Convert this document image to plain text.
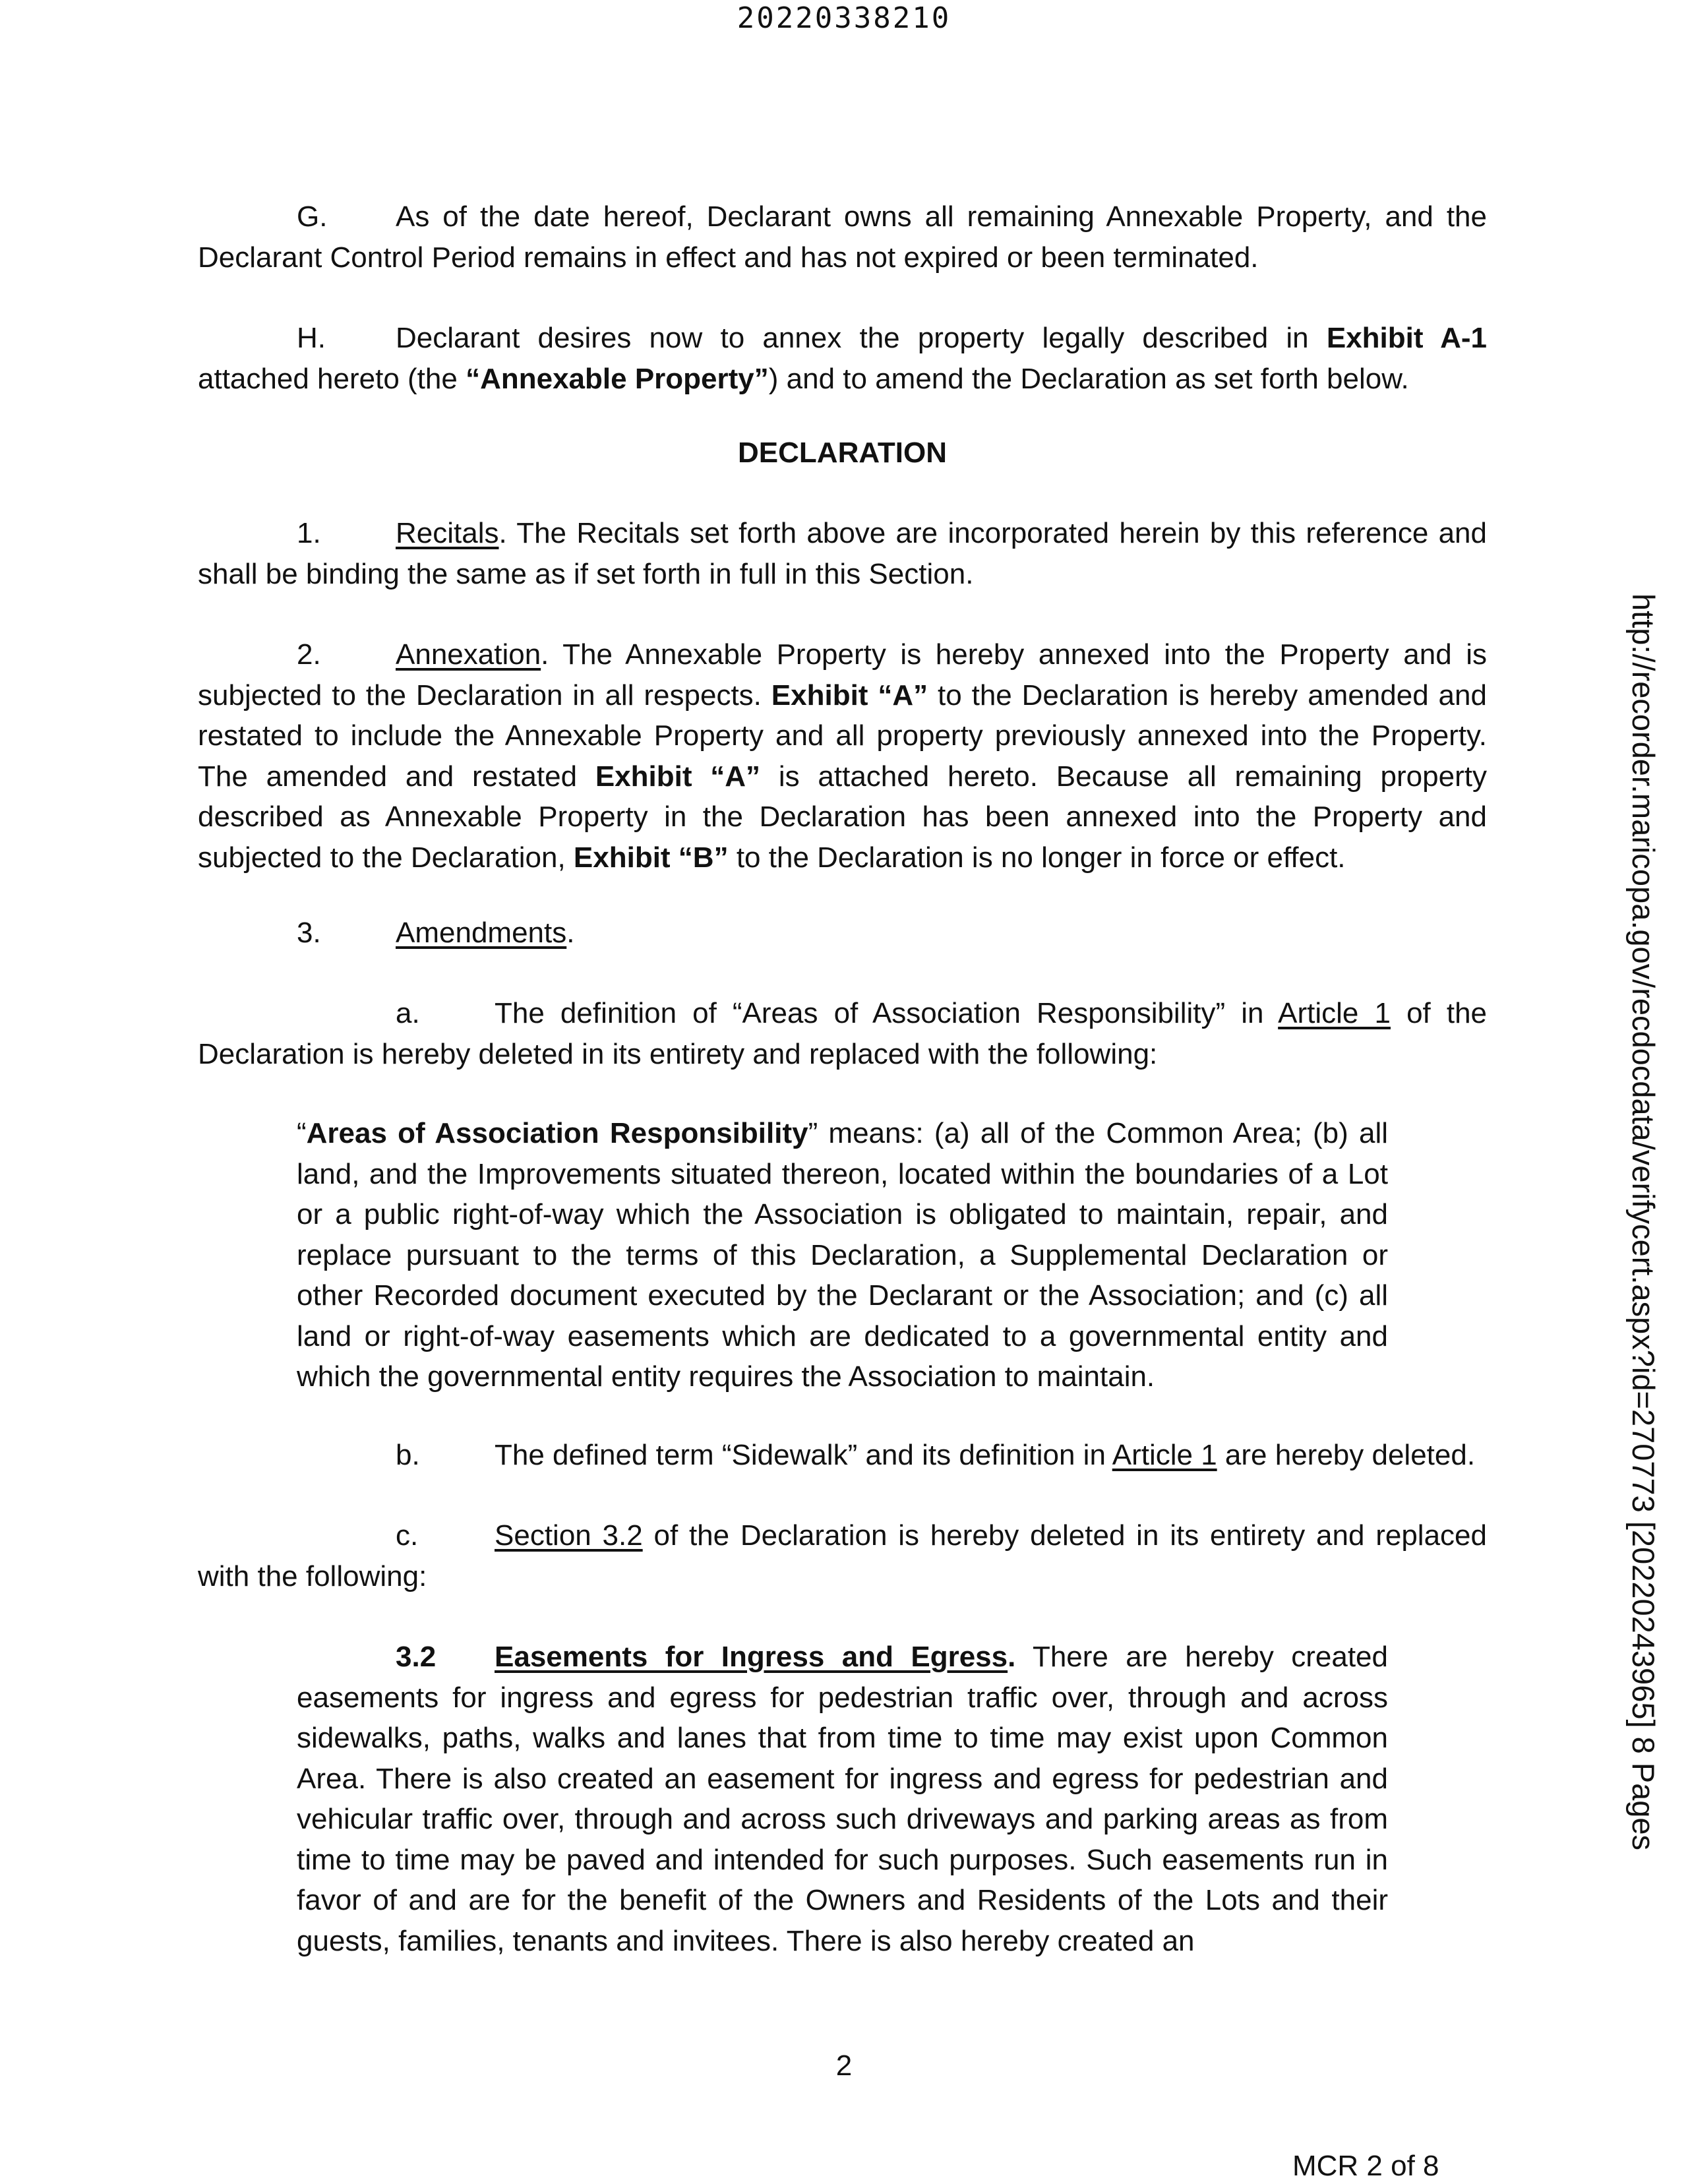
20220338210

G. As of the date hereof, Declarant owns all remaining Annexable Property, and the Declarant Control Period remains in effect and has not expired or been terminated.

H. Declarant desires now to annex the property legally described in Exhibit A-1 attached hereto (the “Annexable Property”) and to amend the Declaration as set forth below.

DECLARATION

1.	Recitals. The Recitals set forth above are incorporated herein by this reference and shall be binding the same as if set forth in full in this Section.

2.	Annexation. The Annexable Property is hereby annexed into the Property and is subjected to the Declaration in all respects. Exhibit “A” to the Declaration is hereby amended and restated to include the Annexable Property and all property previously annexed into the Property. The amended and restated Exhibit “A” is attached hereto. Because all remaining property described as Annexable Property in the Declaration has been annexed into the Property and subjected to the Declaration, Exhibit “B” to the Declaration is no longer in force or effect.

3.	Amendments.

a.	The definition of “Areas of Association Responsibility” in Article 1 of the Declaration is hereby deleted in its entirety and replaced with the following:

“Areas of Association Responsibility” means: (a) all of the Common Area; (b) all land, and the Improvements situated thereon, located within the boundaries of a Lot or a public right-of-way which the Association is obligated to maintain, repair, and replace pursuant to the terms of this Declaration, a Supplemental Declaration or other Recorded document executed by the Declarant or the Association; and (c) all land or right-of-way easements which are dedicated to a governmental entity and which the governmental entity requires the Association to maintain.

b.	The defined term “Sidewalk” and its definition in Article 1 are hereby deleted.

c.	Section 3.2 of the Declaration is hereby deleted in its entirety and replaced with the following:

3.2 Easements for Ingress and Egress. There are hereby created easements for ingress and egress for pedestrian traffic over, through and across sidewalks, paths, walks and lanes that from time to time may exist upon Common Area. There is also created an easement for ingress and egress for pedestrian and vehicular traffic over, through and across such driveways and parking areas as from time to time may be paved and intended for such purposes. Such easements run in favor of and are for the benefit of the Owners and Residents of the Lots and their guests, families, tenants and invitees. There is also hereby created an

http://recorder.maricopa.gov/recdocdata/verifycert.aspx?id=270773 [20220243965] 8 Pages
2
MCR 2 of 8
